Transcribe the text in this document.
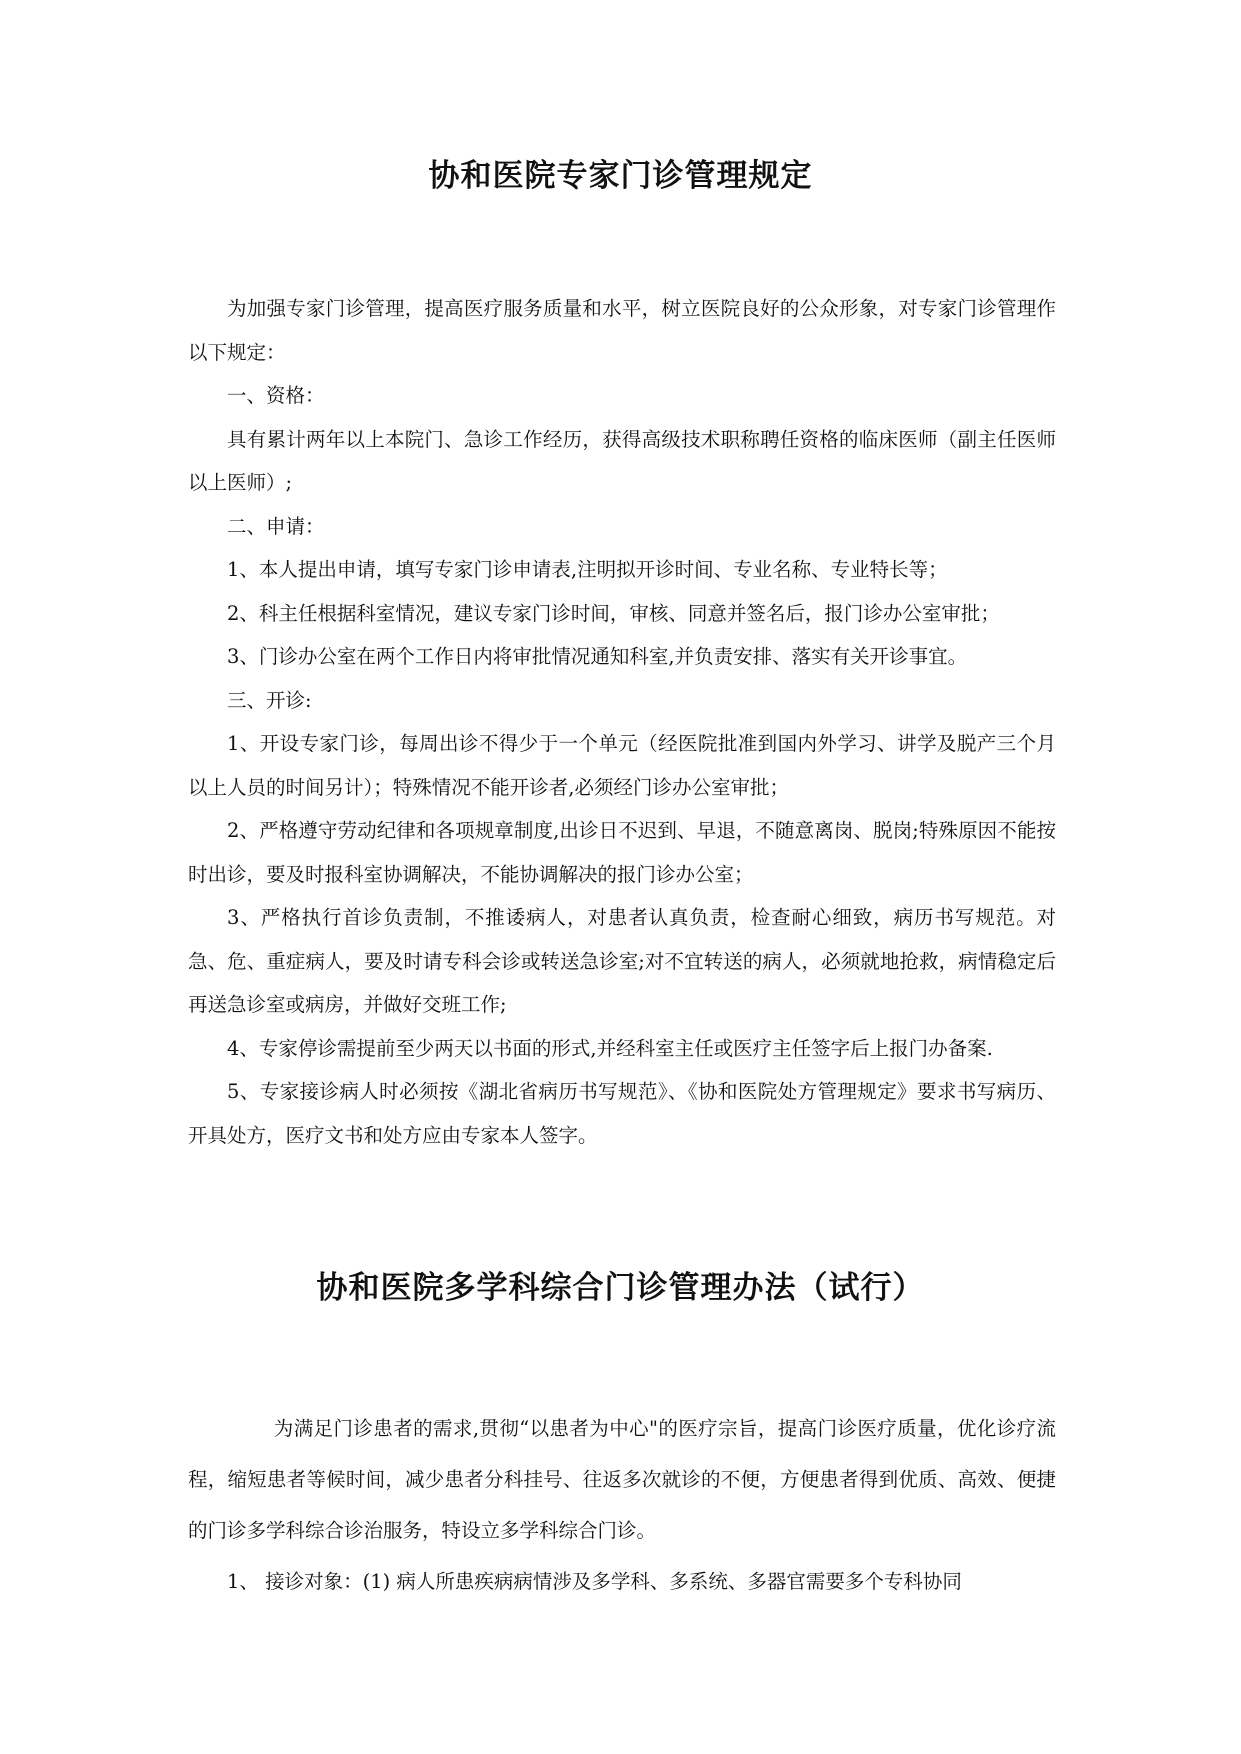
协和医院专家门诊管理规定

为加强专家门诊管理，提高医疗服务质量和水平，树立医院良好的公众形象，对专家门诊管理作以下规定：

一、资格：

具有累计两年以上本院门、急诊工作经历，获得高级技术职称聘任资格的临床医师（副主任医师以上医师）;

二、申请：

1、本人提出申请，填写专家门诊申请表,注明拟开诊时间、专业名称、专业特长等；

2、科主任根据科室情况，建议专家门诊时间，审核、同意并签名后，报门诊办公室审批；

3、门诊办公室在两个工作日内将审批情况通知科室,并负责安排、落实有关开诊事宜。

三、开诊:

1、开设专家门诊，每周出诊不得少于一个单元（经医院批准到国内外学习、讲学及脱产三个月以上人员的时间另计）；特殊情况不能开诊者,必须经门诊办公室审批；

2、严格遵守劳动纪律和各项规章制度,出诊日不迟到、早退，不随意离岗、脱岗;特殊原因不能按时出诊，要及时报科室协调解决，不能协调解决的报门诊办公室；

3、严格执行首诊负责制，不推诿病人，对患者认真负责，检查耐心细致，病历书写规范。对急、危、重症病人，要及时请专科会诊或转送急诊室;对不宜转送的病人，必须就地抢救，病情稳定后再送急诊室或病房，并做好交班工作;

4、专家停诊需提前至少两天以书面的形式,并经科室主任或医疗主任签字后上报门办备案.

5、专家接诊病人时必须按《湖北省病历书写规范》、《协和医院处方管理规定》要求书写病历、开具处方，医疗文书和处方应由专家本人签字。

协和医院多学科综合门诊管理办法（试行）

为满足门诊患者的需求,贯彻“以患者为中心"的医疗宗旨，提高门诊医疗质量，优化诊疗流程，缩短患者等候时间，减少患者分科挂号、往返多次就诊的不便，方便患者得到优质、高效、便捷的门诊多学科综合诊治服务，特设立多学科综合门诊。

1、 接诊对象：(1) 病人所患疾病病情涉及多学科、多系统、多器官需要多个专科协同
